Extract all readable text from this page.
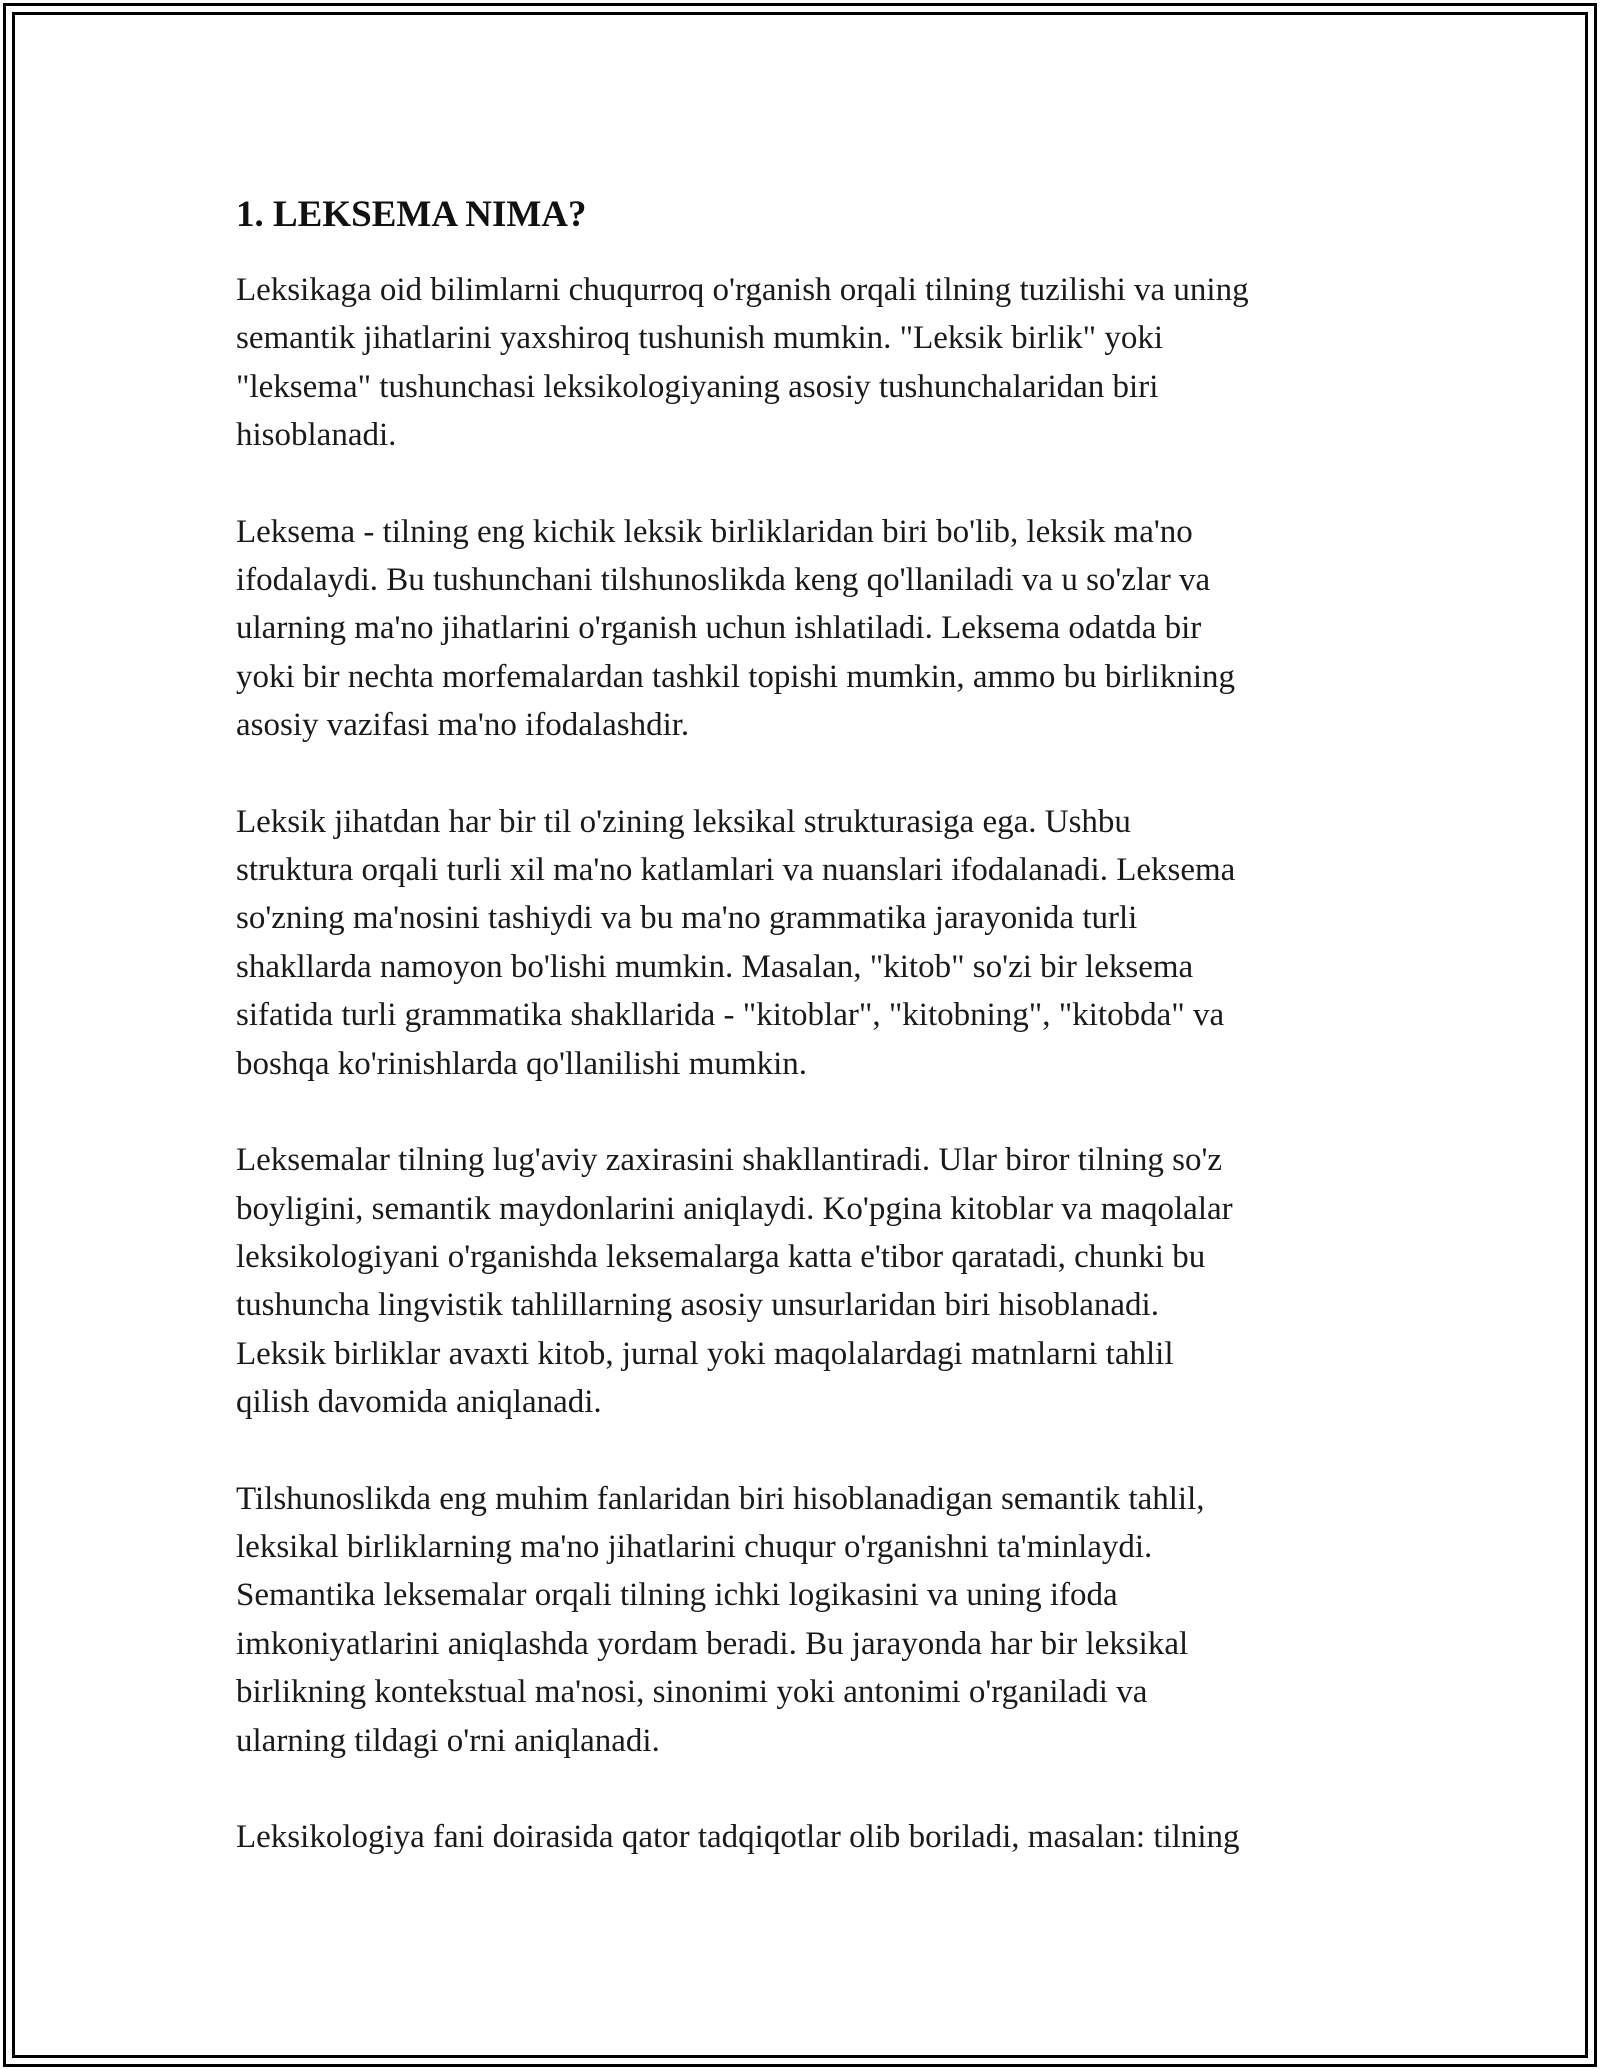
1. LEKSEMA NIMA?

Leksikaga oid bilimlarni chuqurroq o'rganish orqali tilning tuzilishi va uning
semantik jihatlarini yaxshiroq tushunish mumkin. "Leksik birlik" yoki
"leksema" tushunchasi leksikologiyaning asosiy tushunchalaridan biri
hisoblanadi.

Leksema - tilning eng kichik leksik birliklaridan biri bo'lib, leksik ma'no
ifodalaydi. Bu tushunchani tilshunoslikda keng qo'llaniladi va u so'zlar va
ularning ma'no jihatlarini o'rganish uchun ishlatiladi. Leksema odatda bir
yoki bir nechta morfemalardan tashkil topishi mumkin, ammo bu birlikning
asosiy vazifasi ma'no ifodalashdir.

Leksik jihatdan har bir til o'zining leksikal strukturasiga ega. Ushbu
struktura orqali turli xil ma'no katlamlari va nuanslari ifodalanadi. Leksema
so'zning ma'nosini tashiydi va bu ma'no grammatika jarayonida turli
shakllarda namoyon bo'lishi mumkin. Masalan, "kitob" so'zi bir leksema
sifatida turli grammatika shakllarida - "kitoblar", "kitobning", "kitobda" va
boshqa ko'rinishlarda qo'llanilishi mumkin.

Leksemalar tilning lug'aviy zaxirasini shakllantiradi. Ular biror tilning so'z
boyligini, semantik maydonlarini aniqlaydi. Ko'pgina kitoblar va maqolalar
leksikologiyani o'rganishda leksemalarga katta e'tibor qaratadi, chunki bu
tushuncha lingvistik tahlillarning asosiy unsurlaridan biri hisoblanadi.
Leksik birliklar avaxti kitob, jurnal yoki maqolalardagi matnlarni tahlil
qilish davomida aniqlanadi.

Tilshunoslikda eng muhim fanlaridan biri hisoblanadigan semantik tahlil,
leksikal birliklarning ma'no jihatlarini chuqur o'rganishni ta'minlaydi.
Semantika leksemalar orqali tilning ichki logikasini va uning ifoda
imkoniyatlarini aniqlashda yordam beradi. Bu jarayonda har bir leksikal
birlikning kontekstual ma'nosi, sinonimi yoki antonimi o'rganiladi va
ularning tildagi o'rni aniqlanadi.

Leksikologiya fani doirasida qator tadqiqotlar olib boriladi, masalan: tilning
